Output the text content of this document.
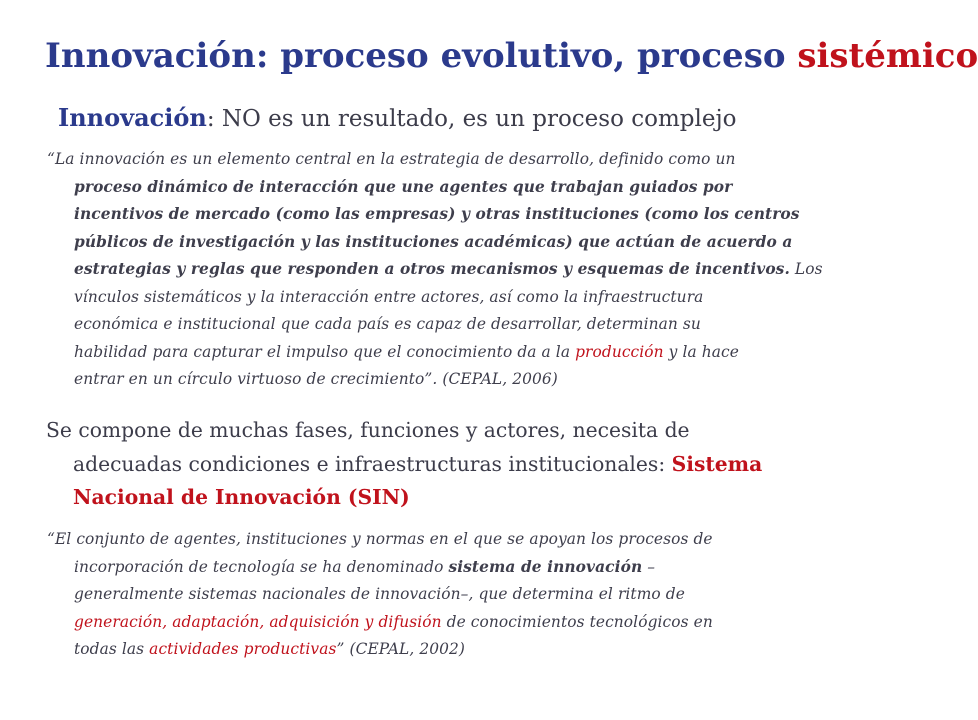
Innovación: proceso evolutivo, proceso sistémico
Innovación: NO es un resultado, es un proceso complejo
“La innovación es un elemento central en la estrategia de desarrollo, definido como un
proceso dinámico de interacción que une agentes que trabajan guiados por
incentivos de mercado (como las empresas) y otras instituciones (como los centros
públicos de investigación y las instituciones académicas) que actúan de acuerdo a
estrategias y reglas que responden a otros mecanismos y esquemas de incentivos. Los
vínculos sistemáticos y la interacción entre actores, así como la infraestructura
económica e institucional que cada país es capaz de desarrollar, determinan su
habilidad para capturar el impulso que el conocimiento da a la producción y la hace
entrar en un círculo virtuoso de crecimiento”. (CEPAL, 2006)
Se compone de muchas fases, funciones y actores, necesita de
adecuadas condiciones e infraestructuras institucionales: Sistema
Nacional de Innovación (SIN)
“El conjunto de agentes, instituciones y normas en el que se apoyan los procesos de
incorporación de tecnología se ha denominado sistema de innovación –
generalmente sistemas nacionales de innovación–, que determina el ritmo de
generación, adaptación, adquisición y difusión de conocimientos tecnológicos en
todas las actividades productivas” (CEPAL, 2002)
